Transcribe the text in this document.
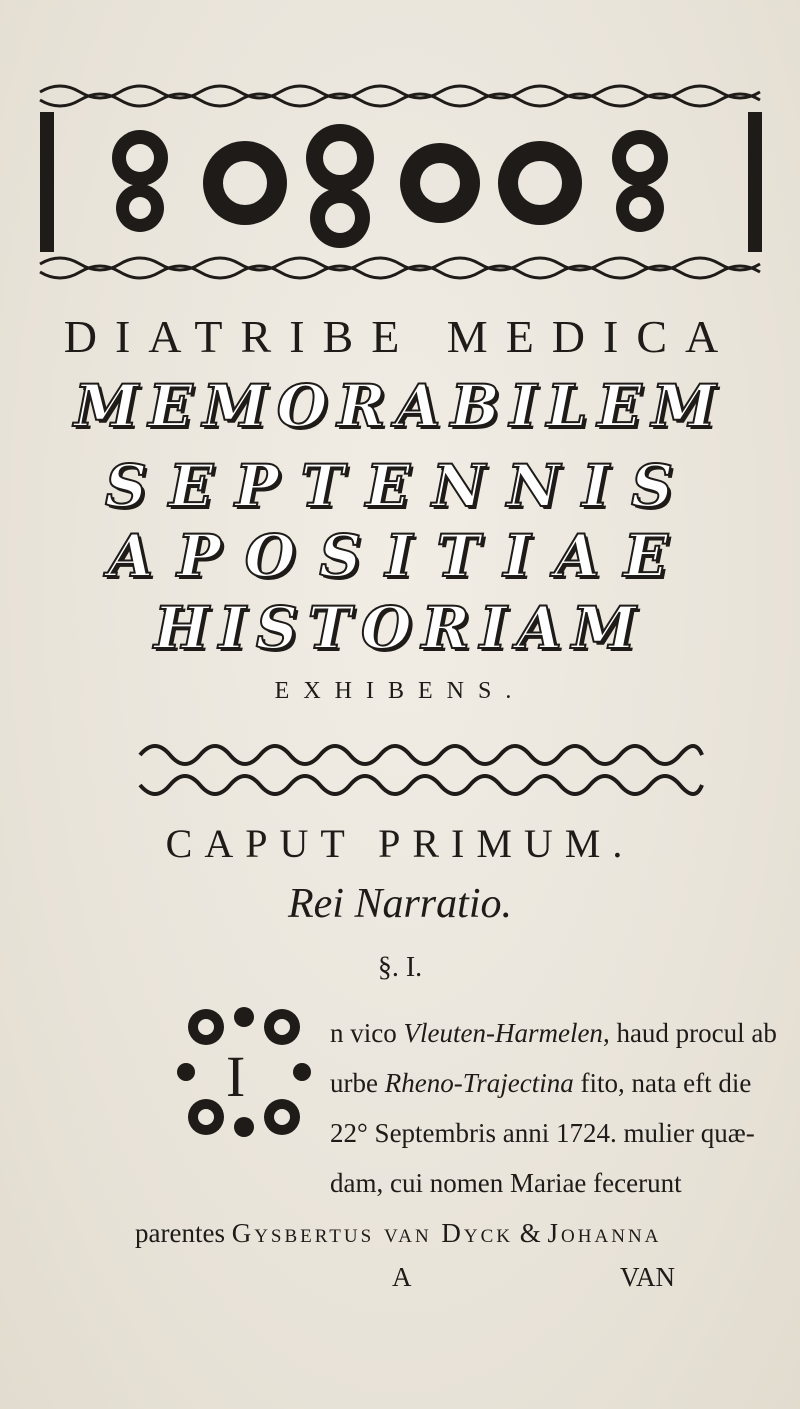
DIATRIBE MEDICA
MEMORABILEM
SEPTENNIS
APOSITIAE
HISTORIAM
EXHIBENS.
CAPUT PRIMUM.
Rei Narratio.
§. I.
I
n vico Vleuten-Harmelen, haud procul ab
urbe Rheno-Trajectina fito, nata eft die
22° Septembris anni 1724. mulier quæ-
dam, cui nomen Mariae fecerunt
parentes Gysbertus van Dyck & Johanna
A	VAN
